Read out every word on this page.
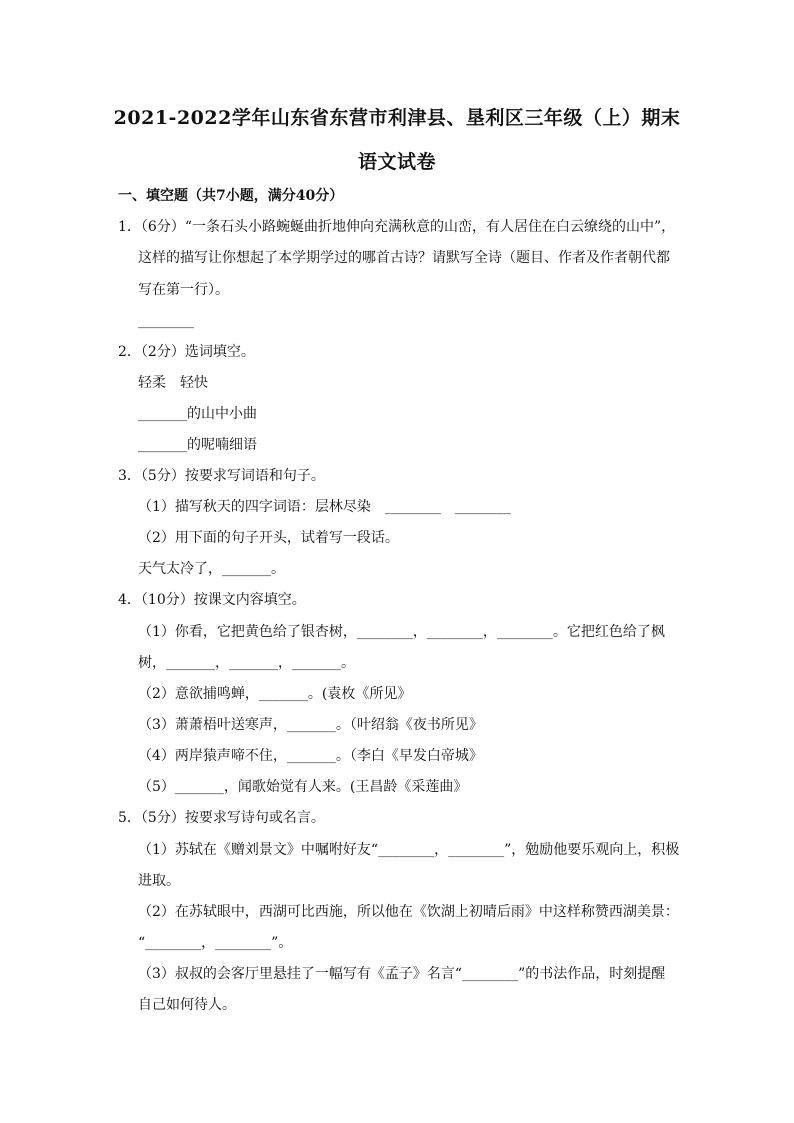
2021-2022学年山东省东营市利津县、垦利区三年级（上）期末
语文试卷
一、填空题（共7小题，满分40分）
1．（6分）“一条石头小路蜿蜒曲折地伸向充满秋意的山峦，有人居住在白云缭绕的山中”，
这样的描写让你想起了本学期学过的哪首古诗？请默写全诗（题目、作者及作者朝代都
写在第一行）。
________
2．（2分）选词填空。
轻柔　轻快
_______的山中小曲
_______的呢喃细语
3．（5分）按要求写词语和句子。
（1）描写秋天的四字词语：层林尽染　________　________
（2）用下面的句子开头，试着写一段话。
天气太冷了，_______。
4．（10分）按课文内容填空。
（1）你看，它把黄色给了银杏树，________，________，________。它把红色给了枫
树，_______，_______，_______。
（2）意欲捕鸣蝉，_______。(袁枚《所见》
（3）萧萧梧叶送寒声，_______。（叶绍翁《夜书所见》
（4）两岸猿声啼不住，_______。（李白《早发白帝城》
（5）_______，闻歌始觉有人来。(王昌龄《采莲曲》
5．（5分）按要求写诗句或名言。
（1）苏轼在《赠刘景文》中嘱咐好友“________，________”，勉励他要乐观向上，积极
进取。
（2）在苏轼眼中，西湖可比西施，所以他在《饮湖上初晴后雨》中这样称赞西湖美景：
“________，________”。
（3）叔叔的会客厅里悬挂了一幅写有《孟子》名言“________”的书法作品，时刻提醒
自己如何待人。
